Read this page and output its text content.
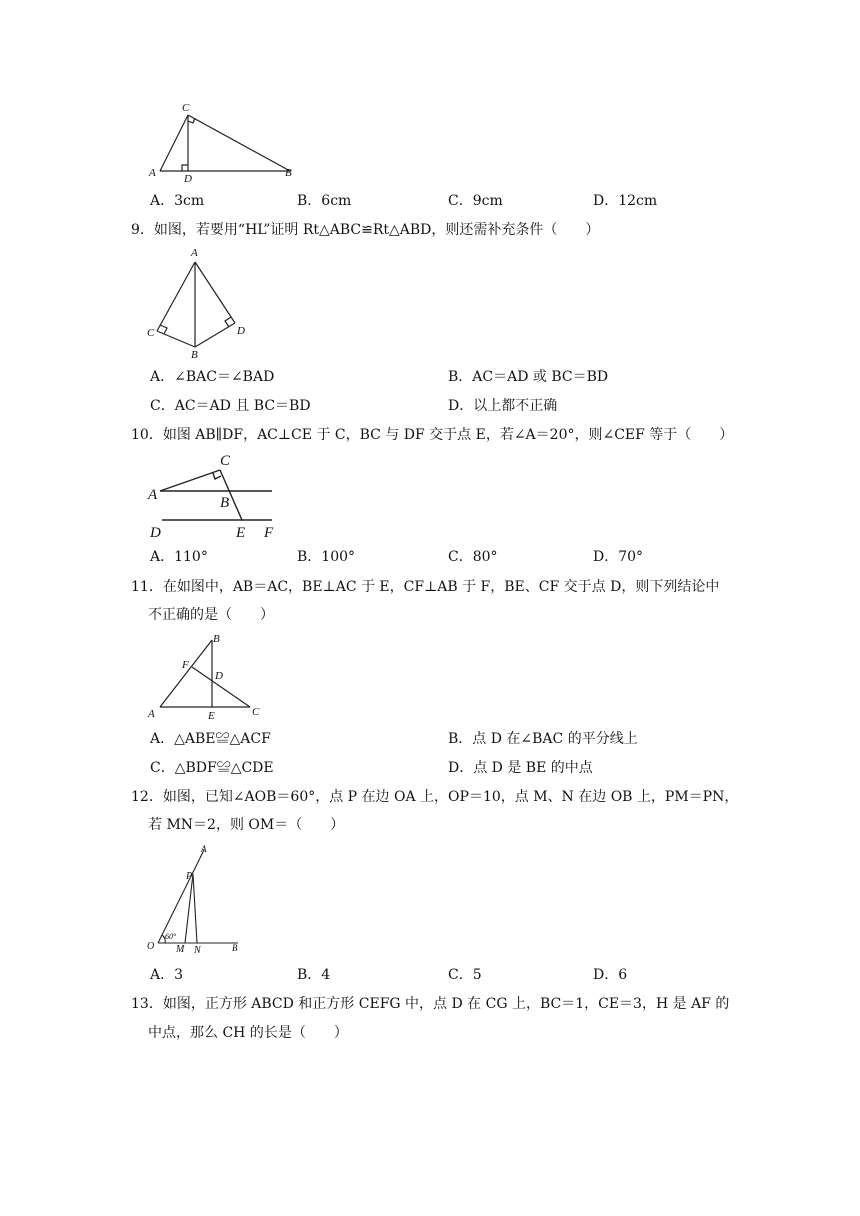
C
A	D	B
A．3cm	B．6cm	C．9cm	D．12cm
9．如图，若要用“HL”证明 Rt△ABC≌Rt△ABD，则还需补充条件（　　）
A
C	D
B
A．∠BAC＝∠BAD	B．AC＝AD 或 BC＝BD
C．AC＝AD 且 BC＝BD	D．以上都不正确
10．如图 AB∥DF，AC⊥CE 于 C，BC 与 DF 交于点 E，若∠A＝20°，则∠CEF 等于（　　）
C
A	B
D	E F
A．110°	B．100°	C．80°	D．70°
11．在如图中，AB＝AC，BE⊥AC 于 E，CF⊥AB 于 F，BE、CF 交于点 D，则下列结论中
不正确的是（　　）
B
F
D
A	E	C
A．△ABE≌△ACF	B．点 D 在∠BAC 的平分线上
C．△BDF≌△CDE	D．点 D 是 BE 的中点
12．如图，已知∠AOB＝60°，点 P 在边 OA 上，OP＝10，点 M、N 在边 OB 上，PM＝PN，
若 MN＝2，则 OM＝（　　）
A
P
O
60°
M N	B
A．3	B．4	C．5	D．6
13．如图，正方形 ABCD 和正方形 CEFG 中，点 D 在 CG 上，BC＝1，CE＝3，H 是 AF 的
中点，那么 CH 的长是（　　）
